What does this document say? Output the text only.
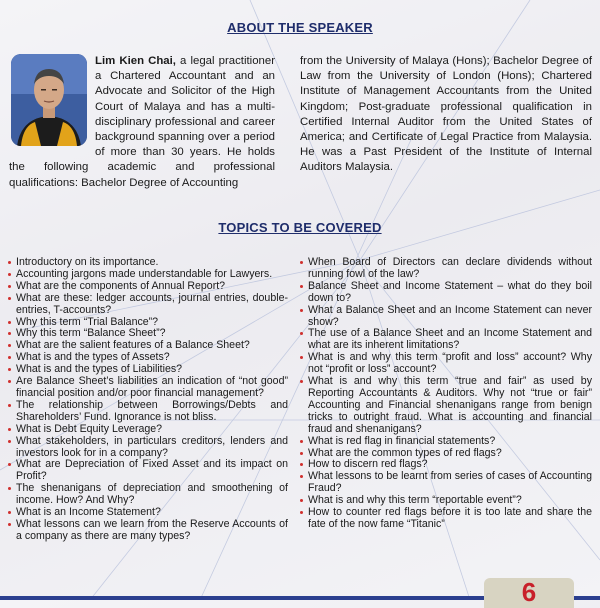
ABOUT THE SPEAKER
Lim Kien Chai, a legal practitioner a Chartered Accountant and an Advocate and Solicitor of the High Court of Malaya and has a multi-disciplinary professional and career background spanning over a period of more than 30 years. He holds the following academic and professional qualifications: Bachelor Degree of Accounting
from the University of Malaya (Hons); Bachelor Degree of Law from the University of London (Hons); Chartered Institute of Management Accountants from the United Kingdom; Post-graduate professional qualification in Certified Internal Auditor from the United States of America; and Certificate of Legal Practice from Malaysia. He was a Past President of the Institute of Internal Auditors Malaysia.
TOPICS TO BE COVERED
Introductory on its importance.
Accounting jargons made understandable for Lawyers.
What are the components of Annual Report?
What are these: ledger accounts, journal entries, double-entries, T-accounts?
Why this term “Trial Balance”?
Why this term “Balance Sheet”?
What are the salient features of a Balance Sheet?
What is and the types of Assets?
What is and the types of Liabilities?
Are Balance Sheet’s liabilities an indication of “not good” financial position and/or poor financial management?
The relationship between Borrowings/Debts and Shareholders’ Fund. Ignorance is not bliss.
What is Debt Equity Leverage?
What stakeholders, in particulars creditors, lenders and investors look for in a company?
What are Depreciation of Fixed Asset and its impact on Profit?
The shenanigans of depreciation and smoothening of income. How? And Why?
What is an Income Statement?
What lessons can we learn from the Reserve Accounts of a company as there are many types?
When Board of Directors can declare dividends without running fowl of the law?
Balance Sheet and Income Statement – what do they boil down to?
What a Balance Sheet and an Income Statement can never show?
The use of a Balance Sheet and an Income Statement and what are its inherent limitations?
What is and why this term “profit and loss” account? Why not “profit or loss” account?
What is and why this term “true and fair” as used by Reporting Accountants & Auditors. Why not “true or fair” Accounting and Financial shenanigans range from benign tricks to outright fraud. What is accounting and financial fraud and shenanigans?
What is red flag in financial statements?
What are the common types of red flags?
How to discern red flags?
What lessons to be learnt from series of cases of Accounting Fraud?
What is and why this term “reportable event”?
How to counter red flags before it is too late and share the fate of the now fame “Titanic”
6
